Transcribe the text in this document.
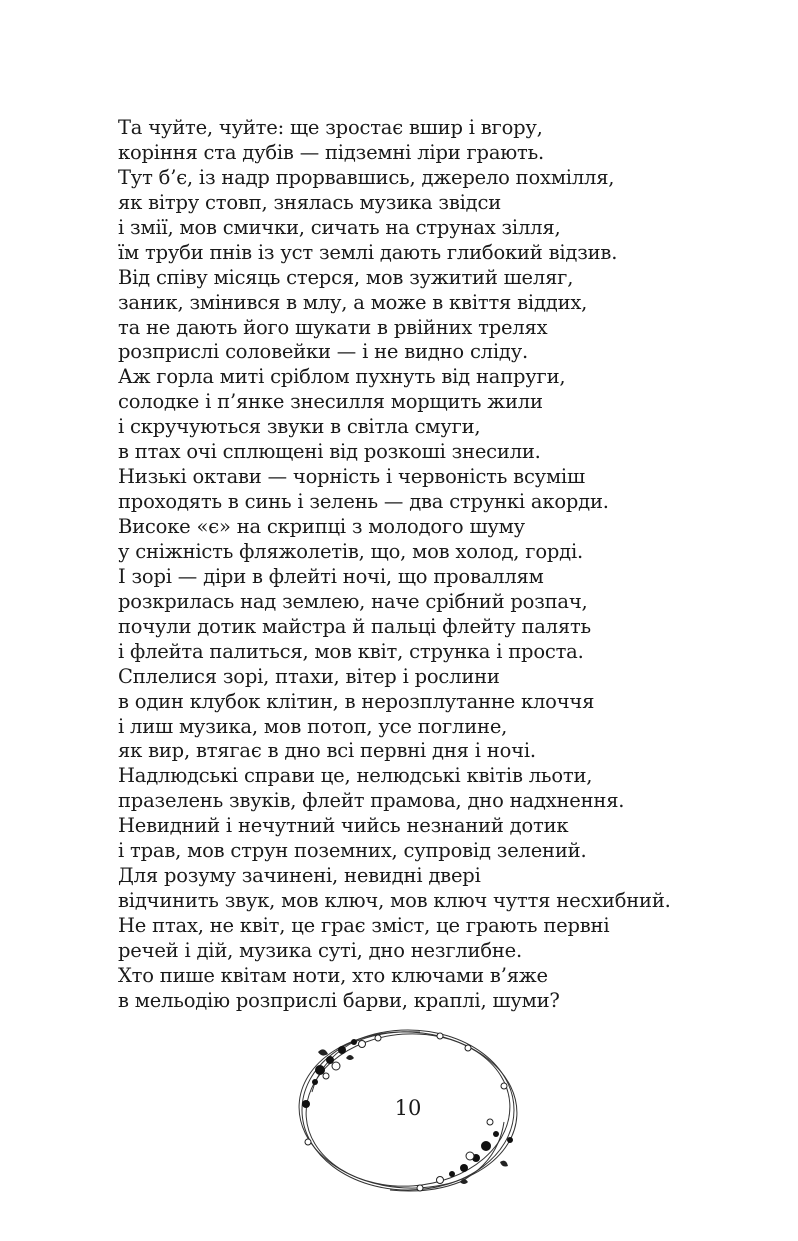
Та чуйте, чуйте: ще зростає вшир і вгору,
коріння ста дубів — підземні ліри грають.
Тут б’є, із надр прорвавшись, джерело похмілля,
як вітру стовп, знялась музика звідси
і змії, мов смички, сичать на струнах зілля,
їм труби пнів із уст землі дають глибокий відзив.
Від співу місяць стерся, мов зужитий шеляг,
заник, змінився в млу, а може в квіття віддих,
та не дають його шукати в рвійних трелях
розприслі соловейки — і не видно сліду.
Аж горла миті сріблом пухнуть від напруги,
солодке і п’янке знесилля морщить жили
і скручуються звуки в світла смуги,
в птах очі сплющені від розкоші знесили.
Низькі октави — чорність і червоність всуміш
проходять в синь і зелень — два стрункі акорди.
Високе «є» на скрипці з молодого шуму
у сніжність фляжолетів, що, мов холод, горді.
І зорі — діри в флейті ночі, що проваллям
розкрилась над землею, наче срібний розпач,
почули дотик майстра й пальці флейту палять
і флейта палиться, мов квіт, струнка і проста.
Сплелися зорі, птахи, вітер і рослини
в один клубок клітин, в нерозплутанне клоччя
і лиш музика, мов потоп, усе поглине,
як вир, втягає в дно всі первні дня і ночі.
Надлюдські справи це, нелюдські квітів льоти,
празелень звуків, флейт прамова, дно надхнення.
Невидний і нечутний чийсь незнаний дотик
і трав, мов струн поземних, супровід зелений.
Для розуму зачинені, невидні двері
відчинить звук, мов ключ, мов ключ чуття несхибний.
Не птах, не квіт, це грає зміст, це грають первні
речей і дій, музика суті, дно незглибне.
Хто пише квітам ноти, хто ключами в’яже
в мельодію розприслі барви, краплі, шуми?
10
